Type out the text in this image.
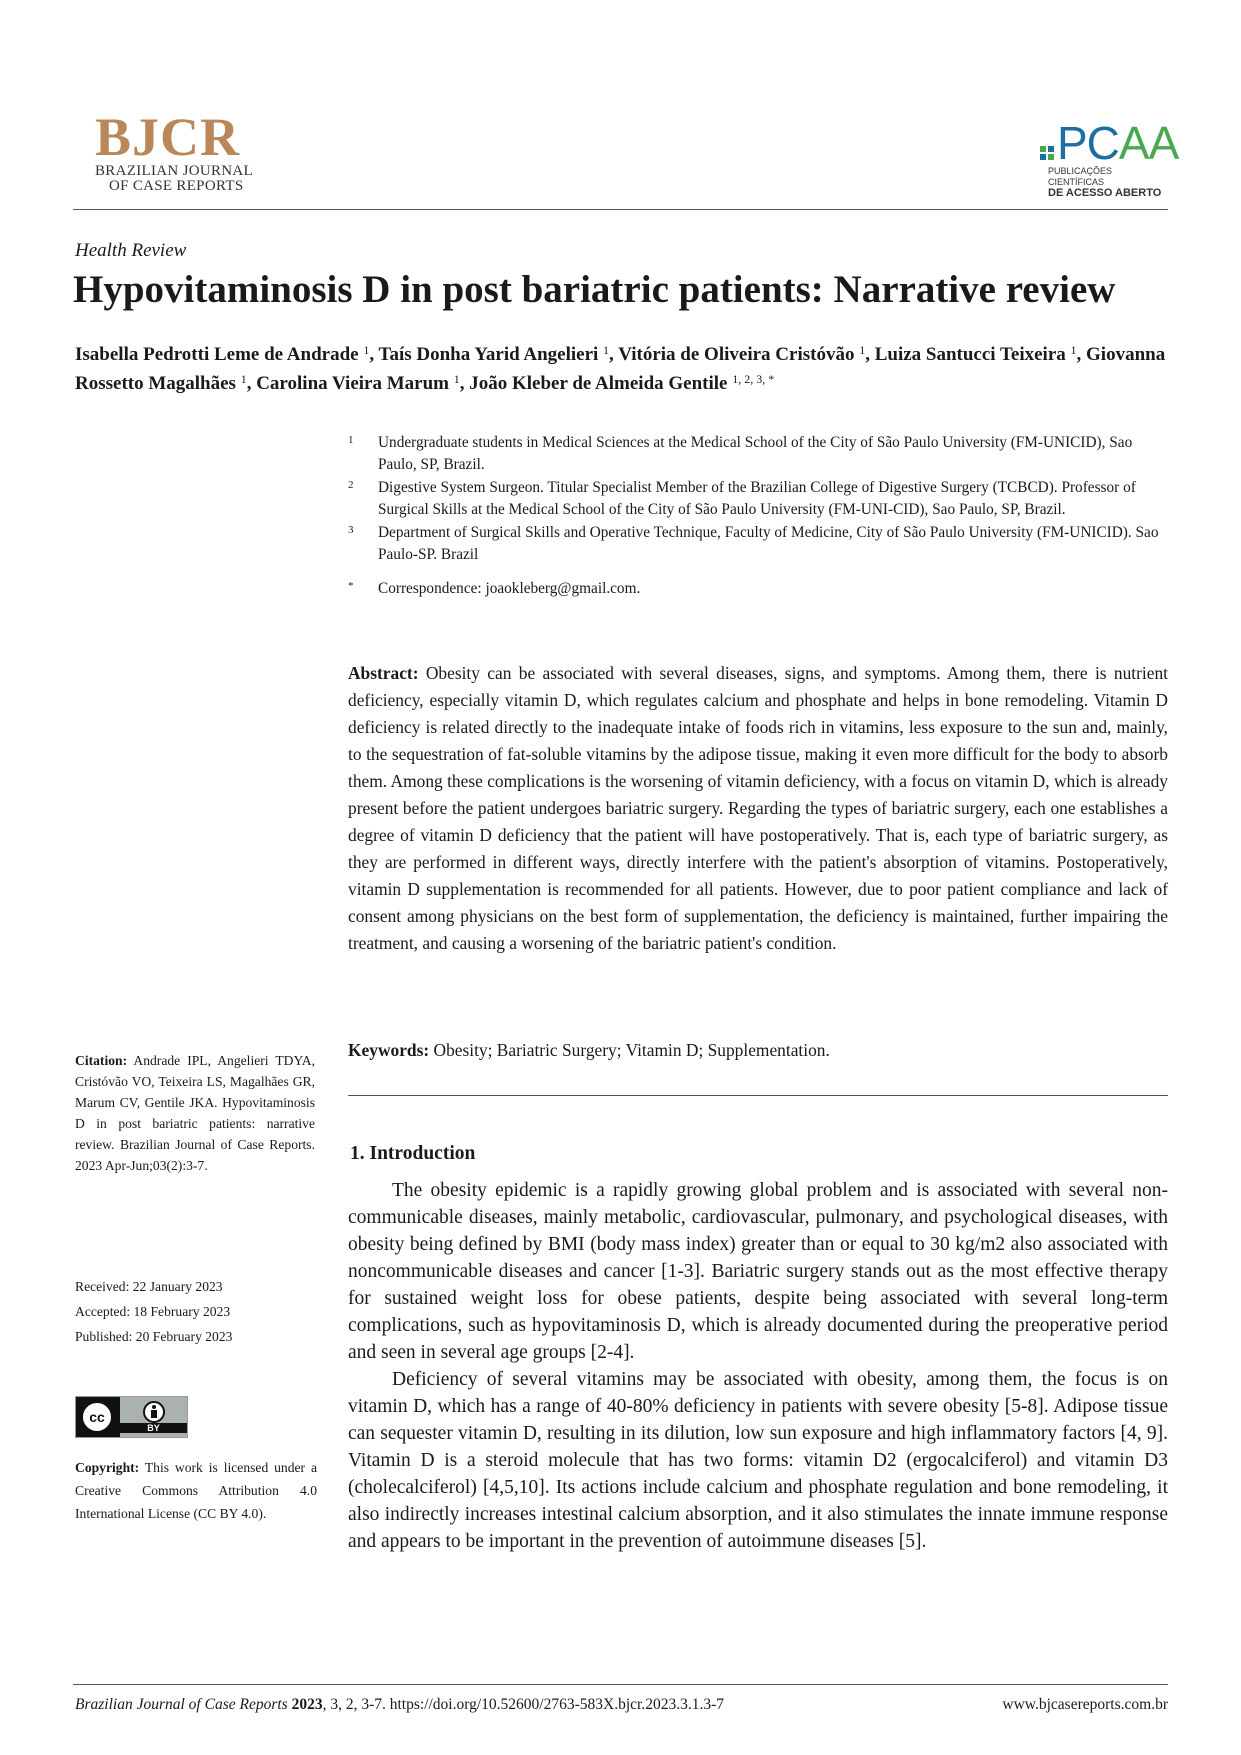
BJCR
BRAZILIAN JOURNAL
OF CASE REPORTS
PCAA
PUBLICAÇÕES CIENTÍFICAS
DE ACESSO ABERTO
Health Review
Hypovitaminosis D in post bariatric patients: Narrative review
Isabella Pedrotti Leme de Andrade $^1$, Taís Donha Yarid Angelieri $^1$, Vitória de Oliveira Cristóvão $^1$, Luiza Santucci Teixeira $^1$, Giovanna Rossetto Magalhães $^1$, Carolina Vieira Marum $^1$, João Kleber de Almeida Gentile $^{1, 2, 3, *}$
1	Undergraduate students in Medical Sciences at the Medical School of the City of São Paulo University (FM-UNICID), Sao Paulo, SP, Brazil.
2	Digestive System Surgeon. Titular Specialist Member of the Brazilian College of Digestive Surgery (TCBCD). Professor of Surgical Skills at the Medical School of the City of São Paulo University (FM-UNI-CID), Sao Paulo, SP, Brazil.
3	Department of Surgical Skills and Operative Technique, Faculty of Medicine, City of São Paulo University (FM-UNICID). Sao Paulo-SP. Brazil
*	Correspondence: joaokleberg@gmail.com.
Abstract: Obesity can be associated with several diseases, signs, and symptoms. Among them, there is nutrient deficiency, especially vitamin D, which regulates calcium and phosphate and helps in bone remodeling. Vitamin D deficiency is related directly to the inadequate intake of foods rich in vitamins, less exposure to the sun and, mainly, to the sequestration of fat-soluble vitamins by the adipose tissue, making it even more difficult for the body to absorb them. Among these complications is the worsening of vitamin deficiency, with a focus on vitamin D, which is already present before the patient undergoes bariatric surgery. Regarding the types of bariatric surgery, each one establishes a degree of vitamin D deficiency that the patient will have postoperatively. That is, each type of bariatric surgery, as they are performed in different ways, directly interfere with the patient's absorption of vitamins. Postoperatively, vitamin D supplementation is recommended for all patients. However, due to poor patient compliance and lack of consent among physicians on the best form of supplementation, the deficiency is maintained, further impairing the treatment, and causing a worsening of the bariatric patient's condition.
Keywords: Obesity; Bariatric Surgery; Vitamin D; Supplementation.
1. Introduction

The obesity epidemic is a rapidly growing global problem and is associated with several non-communicable diseases, mainly metabolic, cardiovascular, pulmonary, and psychological diseases, with obesity being defined by BMI (body mass index) greater than or equal to 30 kg/m2 also associated with noncommunicable diseases and cancer [1-3]. Bariatric surgery stands out as the most effective therapy for sustained weight loss for obese patients, despite being associated with several long-term complications, such as hypovitaminosis D, which is already documented during the preoperative period and seen in several age groups [2-4].

Deficiency of several vitamins may be associated with obesity, among them, the focus is on vitamin D, which has a range of 40-80% deficiency in patients with severe obesity [5-8]. Adipose tissue can sequester vitamin D, resulting in its dilution, low sun exposure and high inflammatory factors [4, 9]. Vitamin D is a steroid molecule that has two forms: vitamin D2 (ergocalciferol) and vitamin D3 (cholecalciferol) [4,5,10]. Its actions include calcium and phosphate regulation and bone remodeling, it also indirectly increases intestinal calcium absorption, and it also stimulates the innate immune response and appears to be important in the prevention of autoimmune diseases [5].

Citation: Andrade IPL, Angelieri TDYA, Cristóvão VO, Teixeira LS, Magalhães GR, Marum CV, Gentile JKA. Hypovitaminosis D in post bariatric patients: narrative review. Brazilian Journal of Case Reports. 2023 Apr-Jun;03(2):3-7.
Received: 22 January 2023
Accepted: 18 February 2023
Published: 20 February 2023
cc
BY
Copyright: This work is licensed under a Creative Commons Attribution 4.0 International License (CC BY 4.0).
Brazilian Journal of Case Reports 2023, 3, 2, 3-7. https://doi.org/10.52600/2763-583X.bjcr.2023.3.1.3-7	www.bjcasereports.com.br
